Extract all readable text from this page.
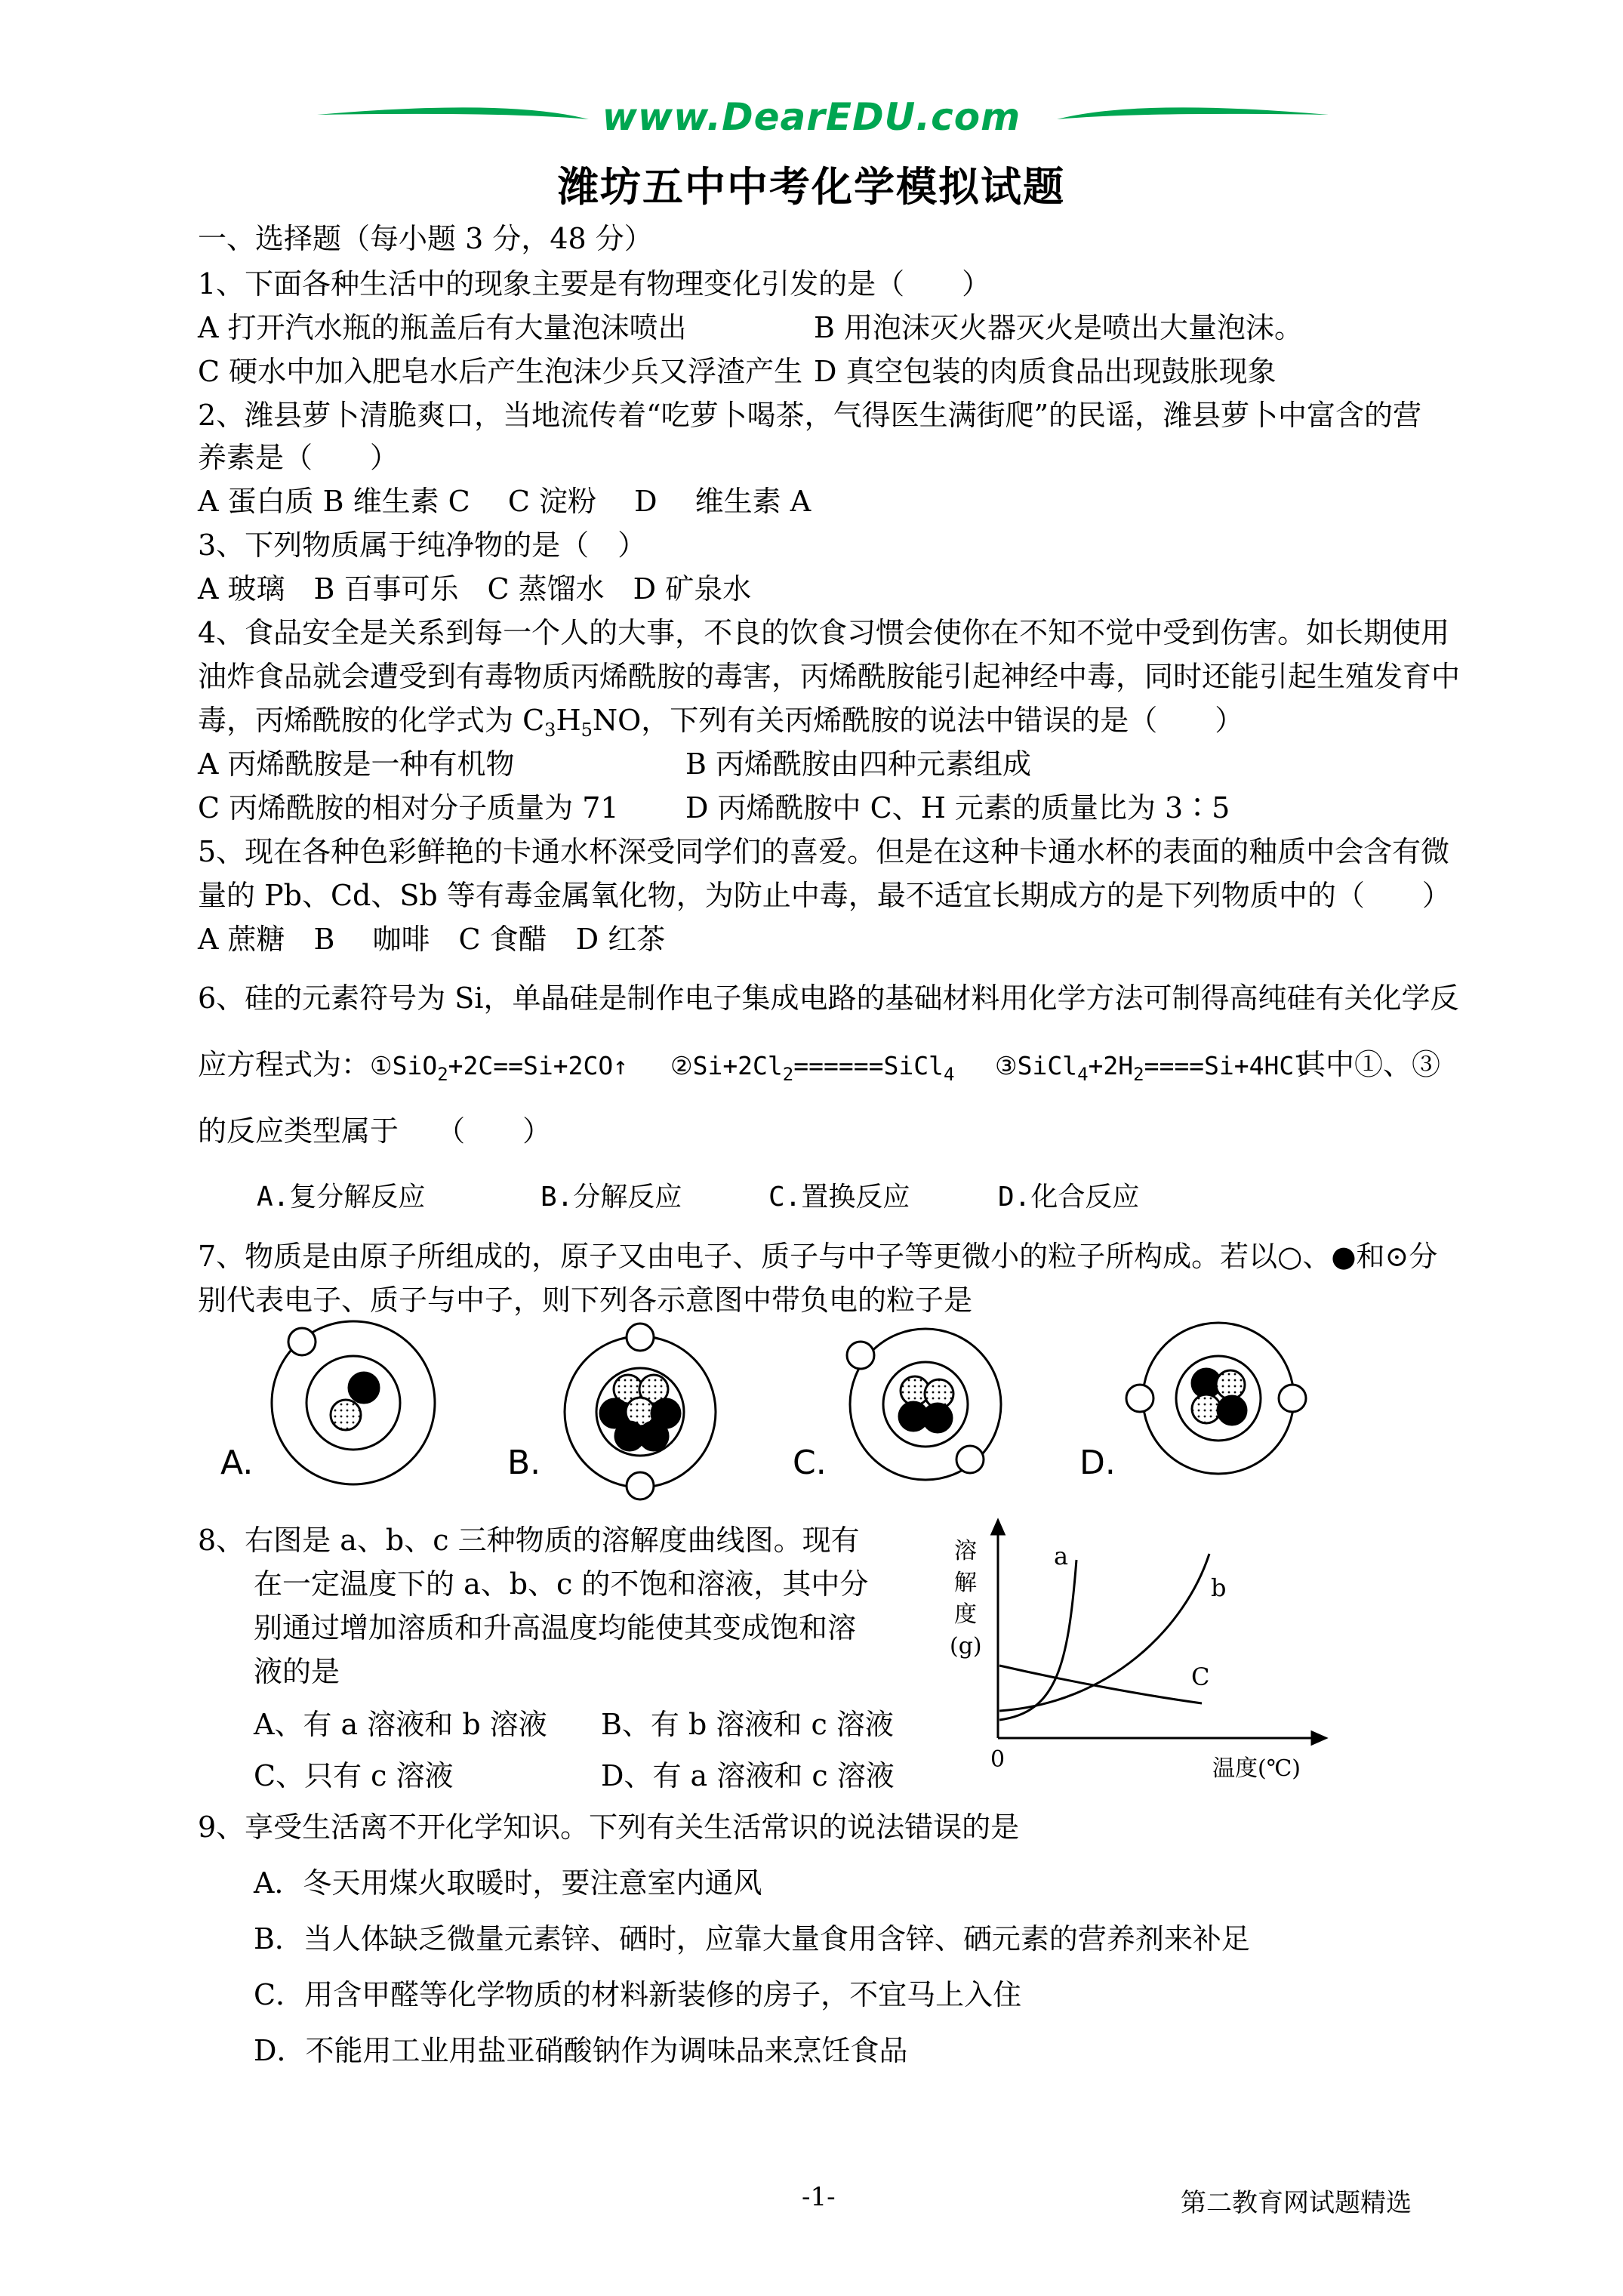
www.DearEDU.com
潍坊五中中考化学模拟试题
一、选择题（每小题 3 分，48 分）
1、下面各种生活中的现象主要是有物理变化引发的是（　　）
A 打开汽水瓶的瓶盖后有大量泡沫喷出	B 用泡沫灭火器灭火是喷出大量泡沫。
C 硬水中加入肥皂水后产生泡沫少兵又浮渣产生 D 真空包装的肉质食品出现鼓胀现象
2、潍县萝卜清脆爽口，当地流传着“吃萝卜喝茶，气得医生满街爬”的民谣，潍县萝卜中富含的营
养素是（　　）
A 蛋白质 B 维生素 C　 C 淀粉　 D　 维生素 A
3、下列物质属于纯净物的是（　）
A 玻璃　B 百事可乐　C 蒸馏水　D 矿泉水
4、食品安全是关系到每一个人的大事，不良的饮食习惯会使你在不知不觉中受到伤害。如长期使用
油炸食品就会遭受到有毒物质丙烯酰胺的毒害，丙烯酰胺能引起神经中毒，同时还能引起生殖发育中
毒，丙烯酰胺的化学式为 $C_3H_5NO$，下列有关丙烯酰胺的说法中错误的是（　　）
A 丙烯酰胺是一种有机物	B 丙烯酰胺由四种元素组成
C 丙烯酰胺的相对分子质量为 71 D 丙烯酰胺中 C、H 元素的质量比为 3∶5
5、现在各种色彩鲜艳的卡通水杯深受同学们的喜爱。但是在这种卡通水杯的表面的釉质中会含有微
量的 Pb、Cd、Sb 等有毒金属氧化物，为防止中毒，最不适宜长期成方的是下列物质中的（　　）
A 蔗糖　B　 咖啡　C 食醋　D 红茶
6、硅的元素符号为 Si，单晶硅是制作电子集成电路的基础材料用化学方法可制得高纯硅有关化学反
应方程式为： ①SiO$_2$+2C==Si+2CO↑ $②Si+2Cl_2======SiCl_4$ $③SiCl_4+2H_2====Si+4HCl$
其中①、③
的反应类型属于　 （　　）
A.复分解反应	B.分解反应	C.置换反应	D.化合反应
7、物质是由原子所组成的，原子又由电子、质子与中子等更微小的粒子所构成。若以○、●和⊙分
别代表电子、质子与中子，则下列各示意图中带负电的粒子是
A.	B.	C.	D.
8、右图是 a、b、c 三种物质的溶解度曲线图。现有
在一定温度下的 a、b、c 的不饱和溶液，其中分
别通过增加溶质和升高温度均能使其变成饱和溶
液的是
A、有 a 溶液和 b 溶液 B、有 b 溶液和 c 溶液
C、只有 c 溶液	D、有 a 溶液和 c 溶液
溶
解
度
(g)
0	温度(℃)
a
b
C
9、享受生活离不开化学知识。下列有关生活常识的说法错误的是
A．冬天用煤火取暖时，要注意室内通风
B．当人体缺乏微量元素锌、硒时，应靠大量食用含锌、硒元素的营养剂来补足
C．用含甲醛等化学物质的材料新装修的房子，不宜马上入住
D．不能用工业用盐亚硝酸钠作为调味品来烹饪食品
-1-	第二教育网试题精选
